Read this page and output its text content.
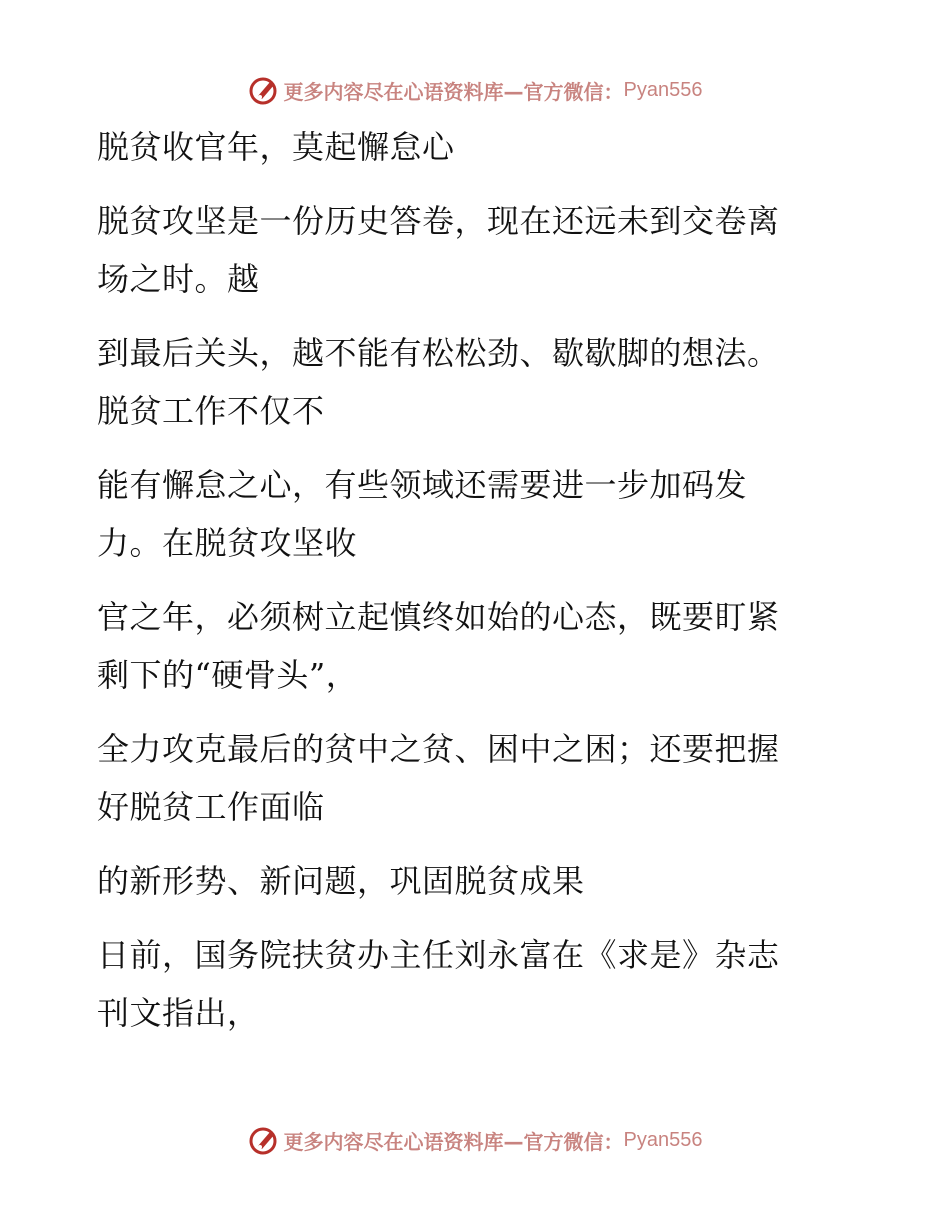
更多内容尽在心语资料库—官方微信： Pyan556
脱贫收官年，莫起懈怠心
脱贫攻坚是一份历史答卷，现在还远未到交卷离
场之时。越
到最后关头，越不能有松松劲、歇歇脚的想法。
脱贫工作不仅不
能有懈怠之心，有些领域还需要进一步加码发
力。在脱贫攻坚收
官之年，必须树立起慎终如始的心态，既要盯紧
剩下的“硬骨头”，
全力攻克最后的贫中之贫、困中之困；还要把握
好脱贫工作面临
的新形势、新问题，巩固脱贫成果
日前，国务院扶贫办主任刘永富在《求是》杂志
刊文指出，
更多内容尽在心语资料库—官方微信： Pyan556
